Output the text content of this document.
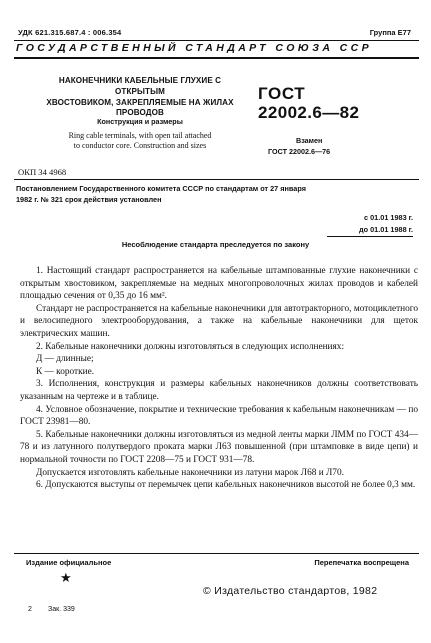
УДК 621.315.687.4 : 006.354	Группа Е77
ГОСУДАРСТВЕННЫЙ СТАНДАРТ СОЮЗА ССР
НАКОНЕЧНИКИ КАБЕЛЬНЫЕ ГЛУХИЕ С ОТКРЫТЫМ
ХВОСТОВИКОМ, ЗАКРЕПЛЯЕМЫЕ НА ЖИЛАХ
ПРОВОДОВ
Конструкция и размеры
Ring cable terminals, with open tail attached
to conductor core. Construction and sizes
ОКП 34 4968
ГОСТ
22002.6—82
Взамен
ГОСТ 22002.6—76
Постановлением Государственного комитета СССР по стандартам от 27 января
1982 г. № 321 срок действия установлен
с 01.01 1983 г.
до 01.01 1988 г.
Несоблюдение стандарта преследуется по закону

1. Настоящий стандарт распространяется на кабельные штампованные глухие наконечники с открытым хвостовиком, закрепляемые на медных многопроволочных жилах проводов и кабелей площадью сечения от 0,35 до 16 мм².

Стандарт не распространяется на кабельные наконечники для автотракторного, мотоциклетного и велосипедного электрооборудования, а также на кабельные наконечники для щеток электрических машин.

2. Кабельные наконечники должны изготовляться в следующих исполнениях:

Д — длинные;

К — короткие.

3. Исполнения, конструкция и размеры кабельных наконечников должны соответствовать указанным на чертеже и в таблице.

4. Условное обозначение, покрытие и технические требования к кабельным наконечникам — по ГОСТ 23981—80.

5. Кабельные наконечники должны изготовляться из медной ленты марки ЛММ по ГОСТ 434—78 и из латунного полутвердого проката марки Л63 повышенной (при штамповке в виде цепи) и нормальной точности по ГОСТ 2208—75 и ГОСТ 931—78.

Допускается изготовлять кабельные наконечники из латуни марок Л68 и Л70.

6. Допускаются выступы от перемычек цепи кабельных наконечников высотой не более 0,3 мм.

Издание официальное	Перепечатка воспрещена
★
© Издательство стандартов, 1982
2 Зак. 339
